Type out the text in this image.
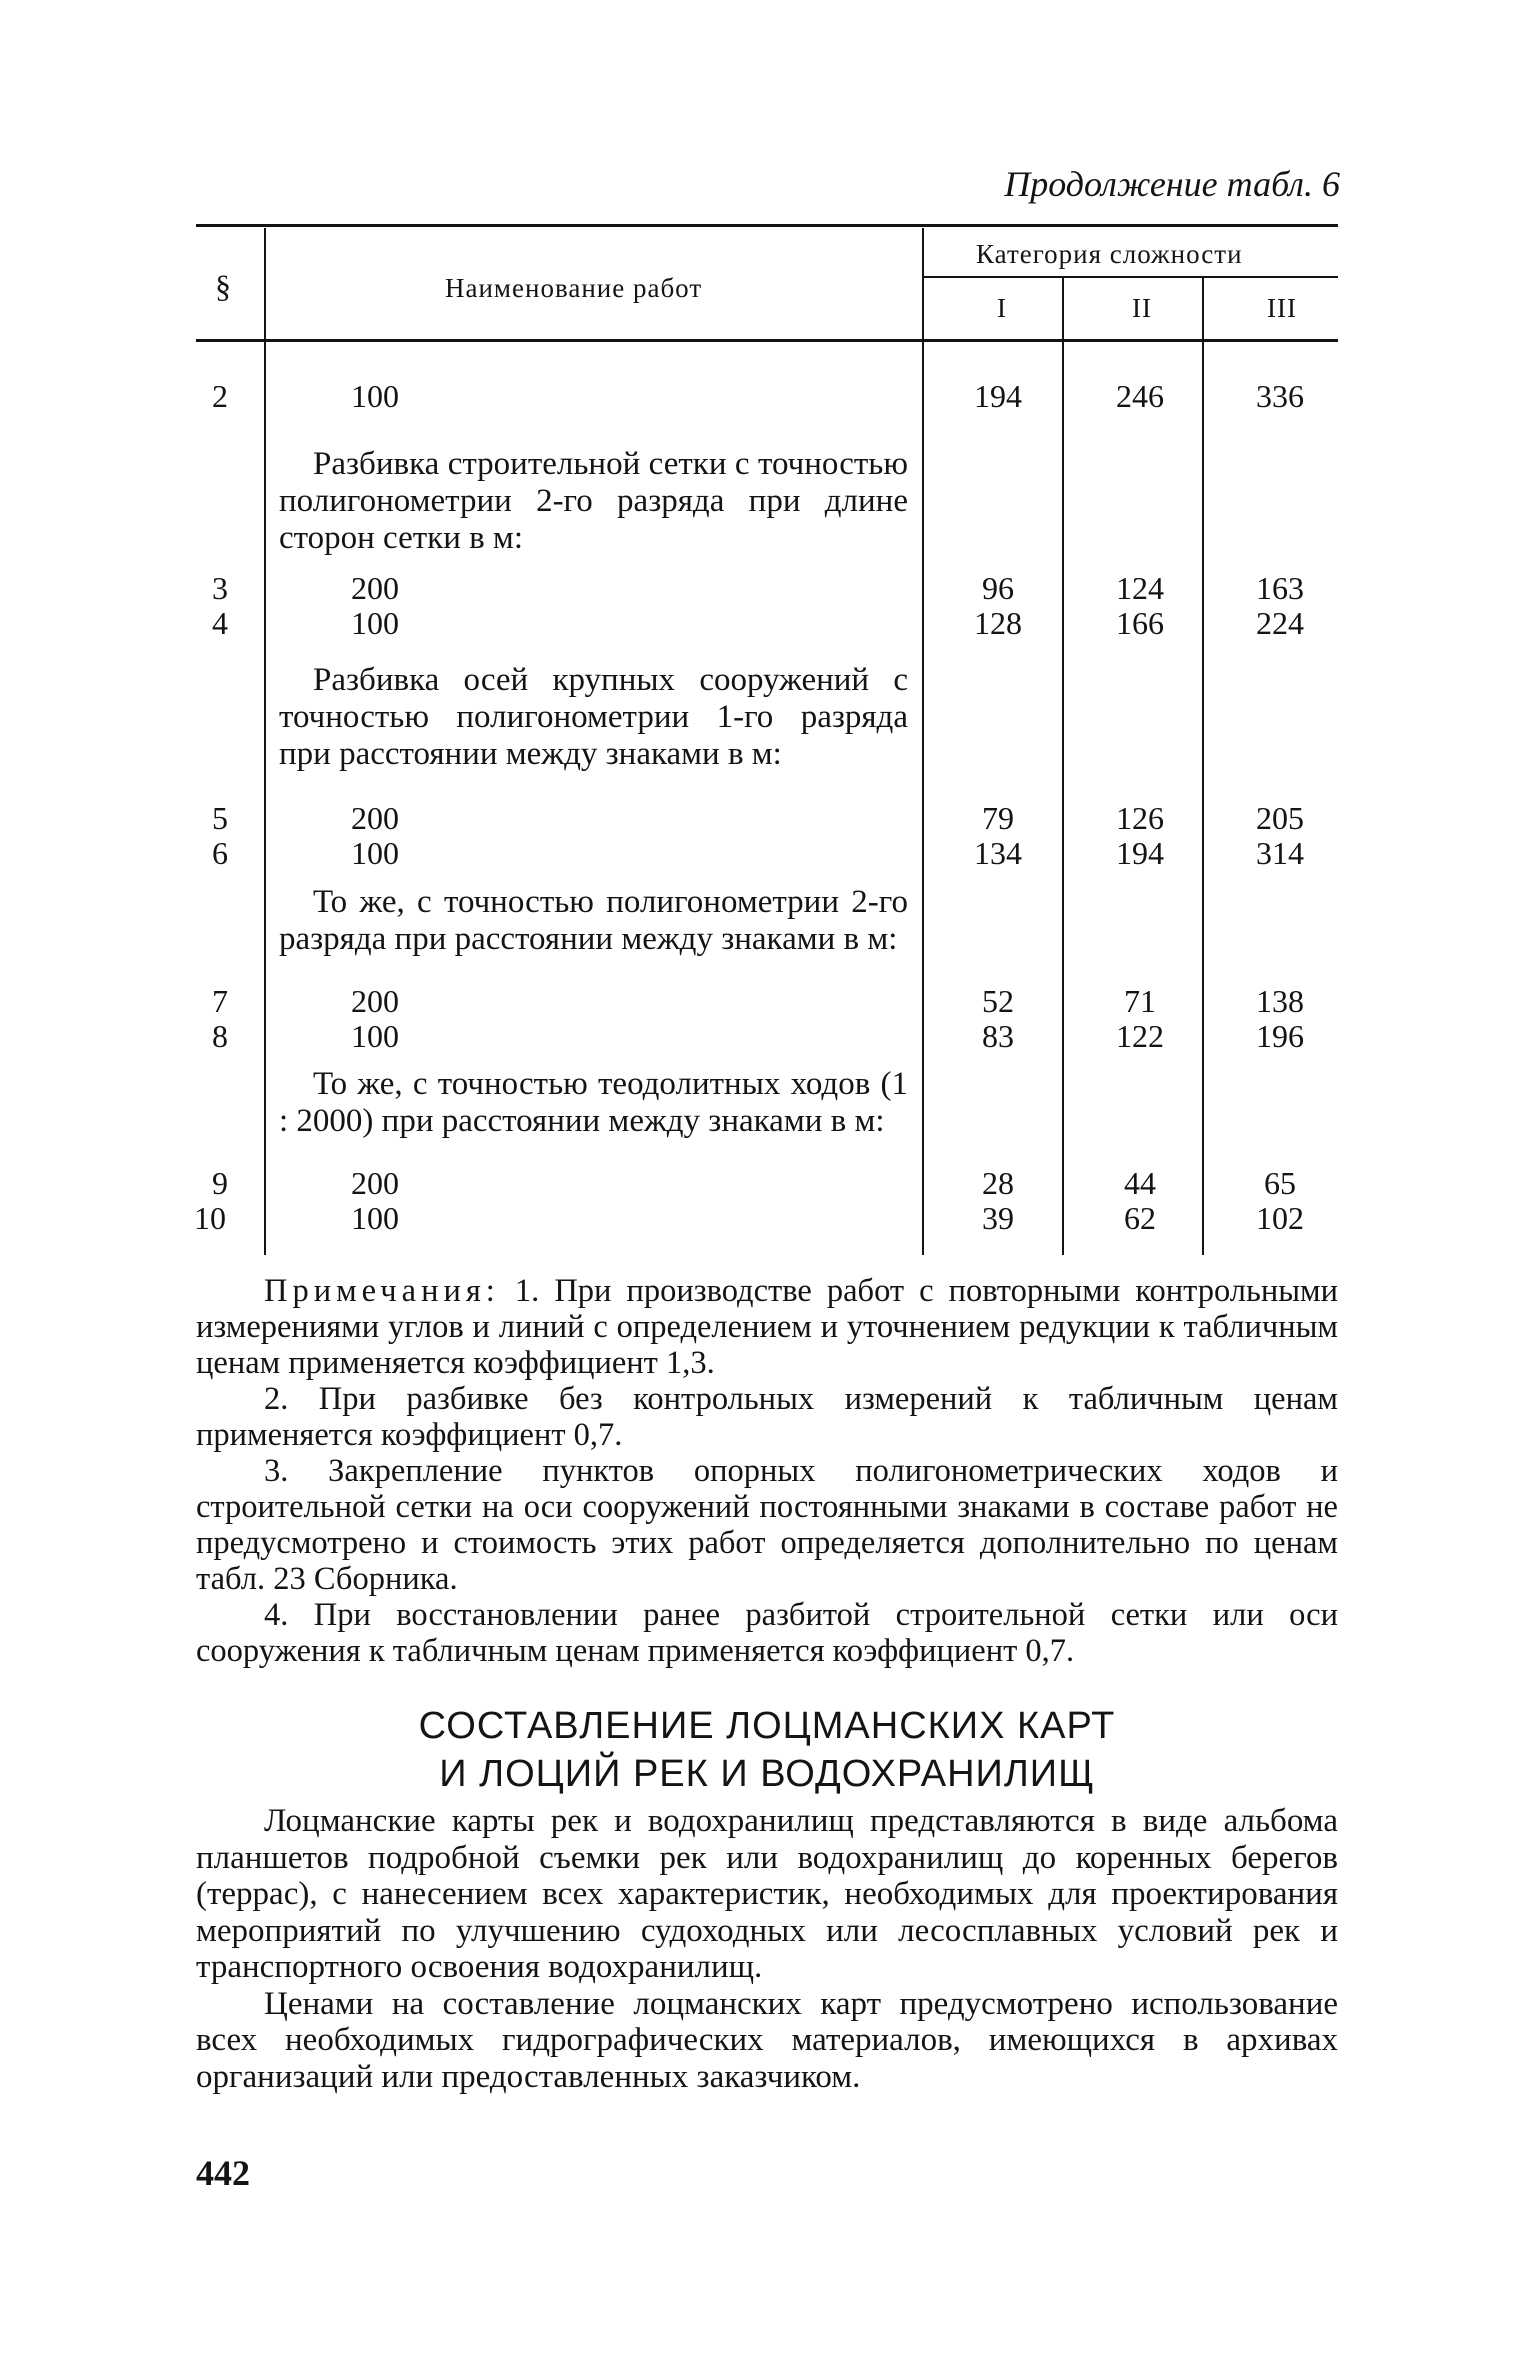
Продолжение табл. 6
§	Наименование работ
Категория сложности
I	II	III
2	100	194	246	336
Разбивка строительной сетки с точностью полигонометрии 2-го разряда при длине сторон сетки в м:
3	200	96	124	163
4	100	128	166	224
Разбивка осей крупных сооружений с точностью полигонометрии 1-го разряда при расстоянии между знаками в м:
5	200	79	126	205
6	100	134	194	314
То же, с точностью полигонометрии 2-го разряда при расстоянии между знаками в м:
7	200	52	71	138
8	100	83	122	196
То же, с точностью теодолитных ходов (1 : 2000) при расстоянии между знаками в м:
9	200	28	44	65
10	100	39	62	102

Примечания: 1. При производстве работ с повторными контрольными измерениями углов и линий с определением и уточнением редукции к табличным ценам применяется коэффициент 1,3.

2. При разбивке без контрольных измерений к табличным ценам применяется коэффициент 0,7.

3. Закрепление пунктов опорных полигонометрических ходов и строительной сетки на оси сооружений постоянными знаками в составе работ не предусмотрено и стоимость этих работ определяется дополнительно по ценам табл. 23 Сборника.

4. При восстановлении ранее разбитой строительной сетки или оси сооружения к табличным ценам применяется коэффициент 0,7.

СОСТАВЛЕНИЕ ЛОЦМАНСКИХ КАРТ
И ЛОЦИЙ РЕК И ВОДОХРАНИЛИЩ

Лоцманские карты рек и водохранилищ представляются в виде альбома планшетов подробной съемки рек или водохранилищ до коренных берегов (террас), с нанесением всех характеристик, необходимых для проектирования мероприятий по улучшению судоходных или лесосплавных условий рек и транспортного освоения водохранилищ.

Ценами на составление лоцманских карт предусмотрено использование всех необходимых гидрографических материалов, имеющихся в архивах организаций или предоставленных заказчиком.

442
